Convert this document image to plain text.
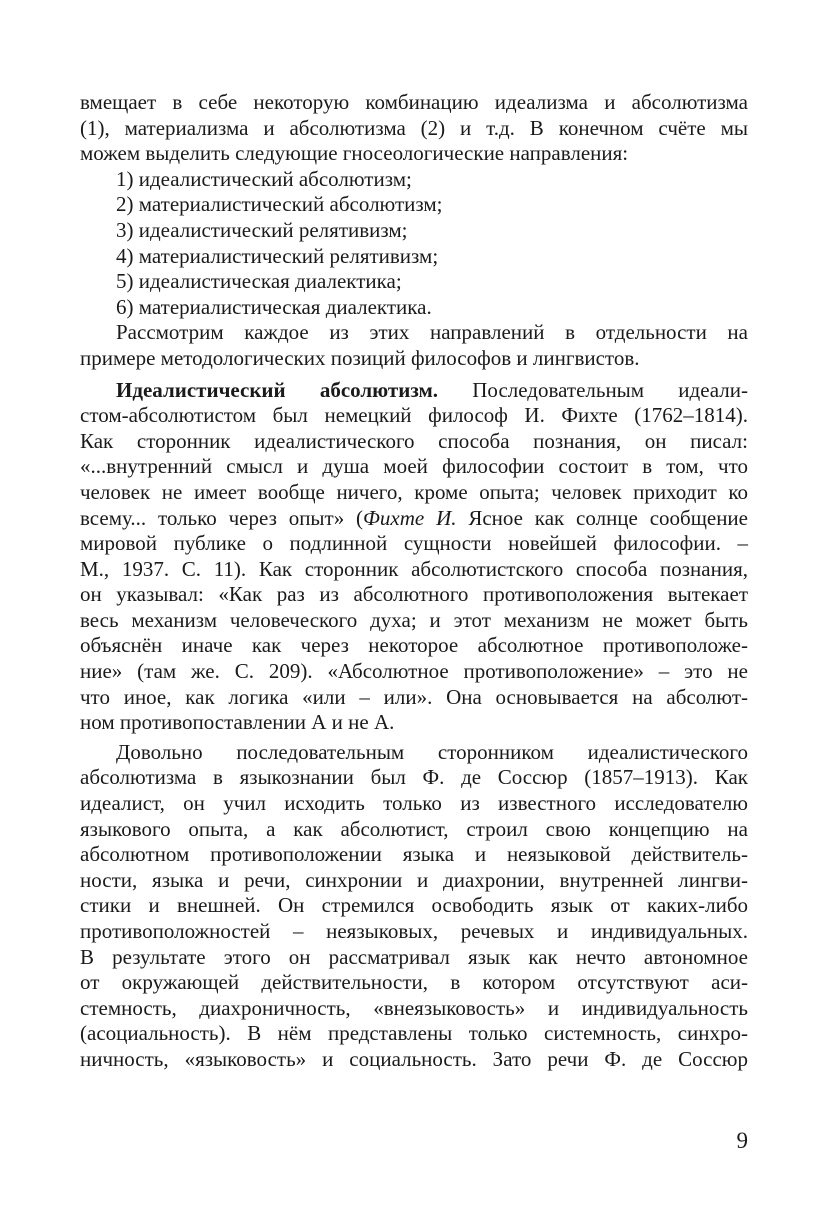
вмещает в себе некоторую комбинацию идеализма и абсолютизма
(1), материализма и абсолютизма (2) и т.д. В конечном счёте мы
можем выделить следующие гносеологические направления:
1) идеалистический абсолютизм;
2) материалистический абсолютизм;
3) идеалистический релятивизм;
4) материалистический релятивизм;
5) идеалистическая диалектика;
6) материалистическая диалектика.
Рассмотрим каждое из этих направлений в отдельности на
примере методологических позиций философов и лингвистов.
Идеалистический абсолютизм. Последовательным идеали-
стом-абсолютистом был немецкий философ И. Фихте (1762–1814).
Как сторонник идеалистического способа познания, он писал:
«...внутренний смысл и душа моей философии состоит в том, что
человек не имеет вообще ничего, кроме опыта; человек приходит ко
всему... только через опыт» (Фихте И. Ясное как солнце сообщение
мировой публике о подлинной сущности новейшей философии. –
М., 1937. С. 11). Как сторонник абсолютистского способа познания,
он указывал: «Как раз из абсолютного противоположения вытекает
весь механизм человеческого духа; и этот механизм не может быть
объяснён иначе как через некоторое абсолютное противоположе-
ние» (там же. С. 209). «Абсолютное противоположение» – это не
что иное, как логика «или – или». Она основывается на абсолют-
ном противопоставлении А и не А.
Довольно последовательным сторонником идеалистического
абсолютизма в языкознании был Ф. де Соссюр (1857–1913). Как
идеалист, он учил исходить только из известного исследователю
языкового опыта, а как абсолютист, строил свою концепцию на
абсолютном противоположении языка и неязыковой действитель-
ности, языка и речи, синхронии и диахронии, внутренней лингви-
стики и внешней. Он стремился освободить язык от каких-либо
противоположностей – неязыковых, речевых и индивидуальных.
В результате этого он рассматривал язык как нечто автономное
от окружающей действительности, в котором отсутствуют аси-
стемность, диахроничность, «внеязыковость» и индивидуальность
(асоциальность). В нём представлены только системность, синхро-
ничность, «языковость» и социальность. Зато речи Ф. де Соссюр
9
